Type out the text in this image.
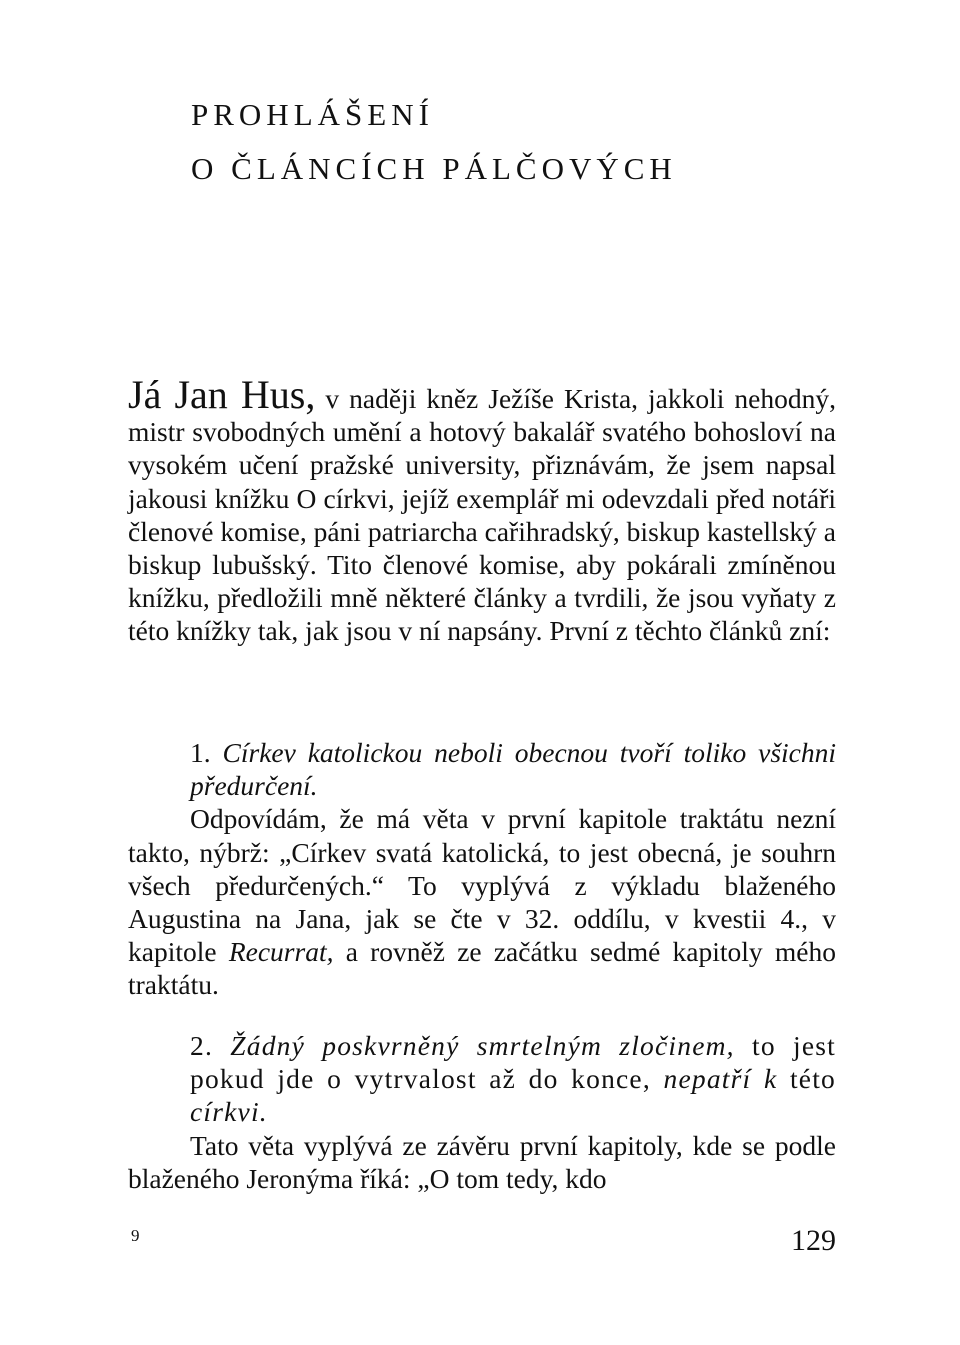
PROHLÁŠENÍ
O ČLÁNCÍCH PÁLČOVÝCH
Já Jan Hus, v naději kněz Ježíše Krista, jakkoli nehodný, mistr svobodných umění a hotový bakalář svatého bohosloví na vysokém učení pražské university, přiznávám, že jsem napsal jakousi knížku O církvi, jejíž exemplář mi odevzdali před notáři členové komise, páni patriarcha cařihradský, biskup kastellský a biskup lubušský. Tito členové komise, aby pokárali zmíněnou knížku, předložili mně některé články a tvrdili, že jsou vyňaty z této knížky tak, jak jsou v ní napsány. První z těchto článků zní:
1. Církev katolickou neboli obecnou tvoří toliko všichni předurčení.
Odpovídám, že má věta v první kapitole traktátu nezní takto, nýbrž: „Církev svatá katolická, to jest obecná, je souhrn všech předurčených.“ To vyplývá z výkladu blaženého Augustina na Jana, jak se čte v 32. oddílu, v kvestii 4., v kapitole Recurrat, a rovněž ze začátku sedmé kapitoly mého traktátu.
2. Žádný poskvrněný smrtelným zločinem, to jest pokud jde o vytrvalost až do konce, nepatří k této církvi.
Tato věta vyplývá ze závěru první kapitoly, kde se podle blaženého Jeronýma říká: „O tom tedy, kdo
9	129
